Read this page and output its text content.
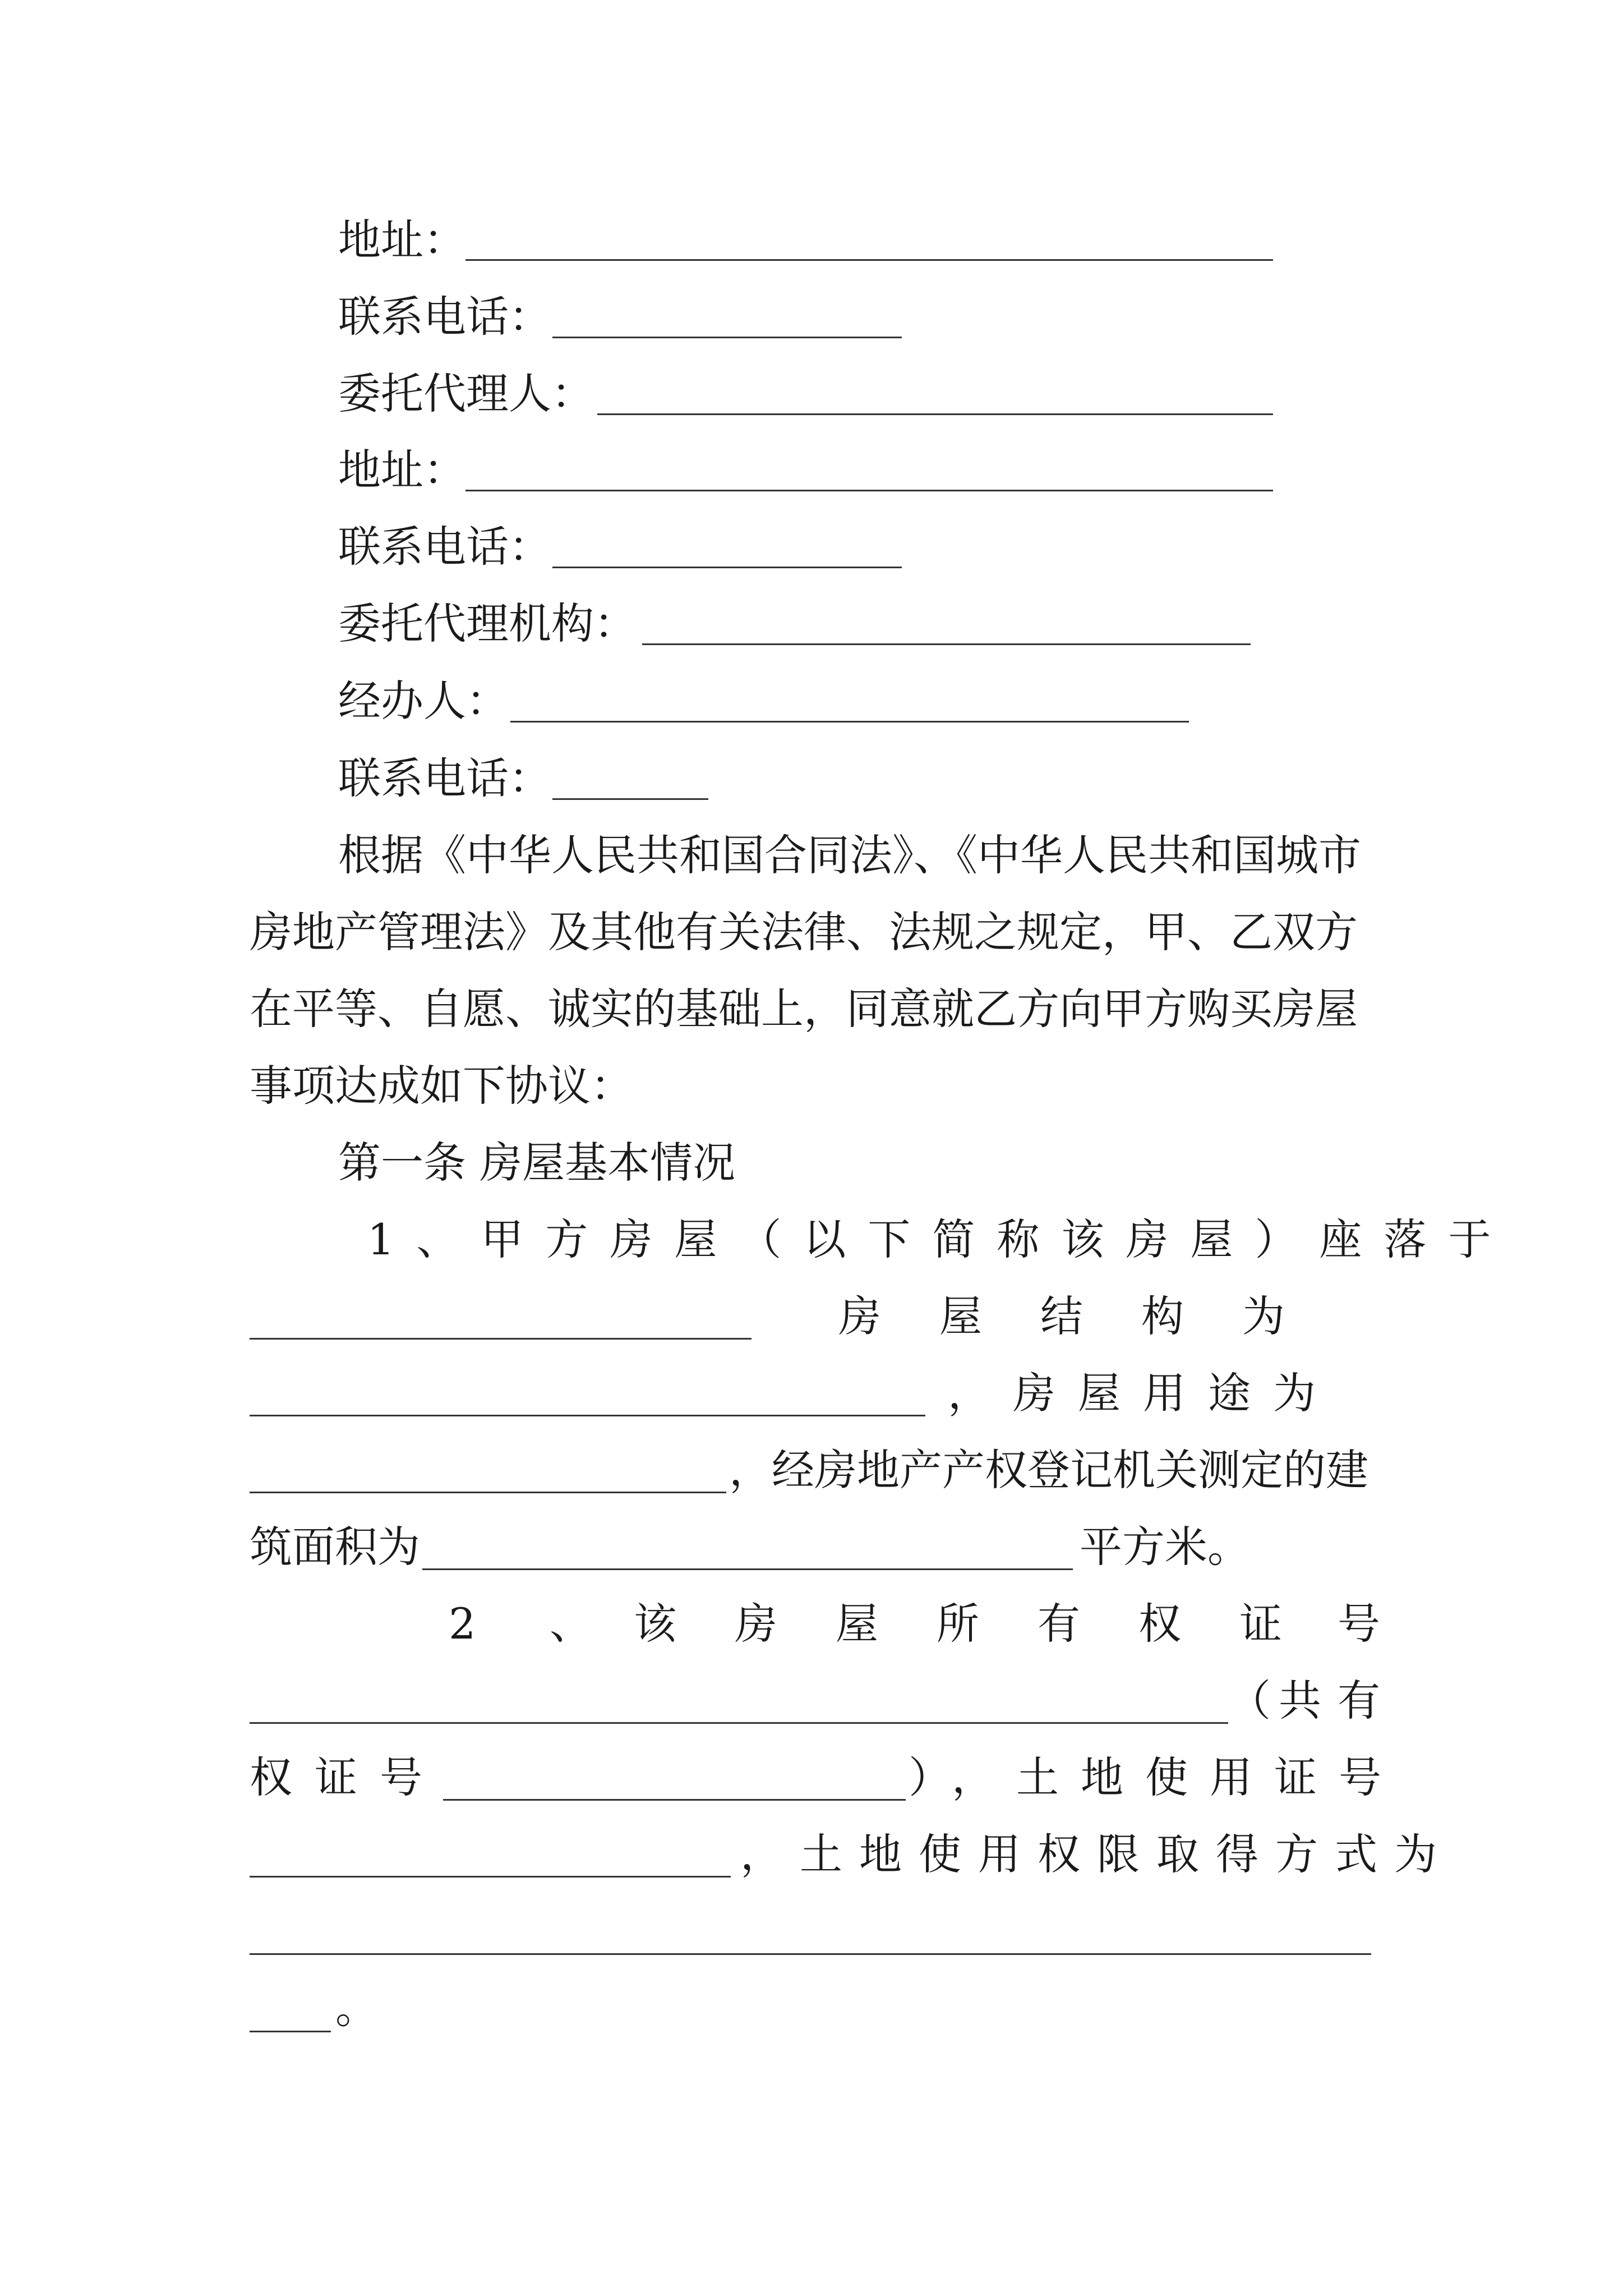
地址：
联系电话：
委托代理人：
地址：
联系电话：
委托代理机构：
经办人：
联系电话：
根据《中华人民共和国合同法》、《中华人民共和国城市
房地产管理法》及其他有关法律、法规之规定，甲、乙双方
在平等、自愿、诚实的基础上，同意就乙方向甲方购买房屋
事项达成如下协议：
第一条 房屋基本情况
1、甲方房屋（以下简称该房屋）座落于
房 屋 结 构 为
，房屋用途为
，经房地产产权登记机关测定的建
筑面积为	平方米。
2 、 该 房 屋 所 有 权 证 号
（ 共 有
权证号	），土地使用证号
，土地使用权限取得方式为
。
